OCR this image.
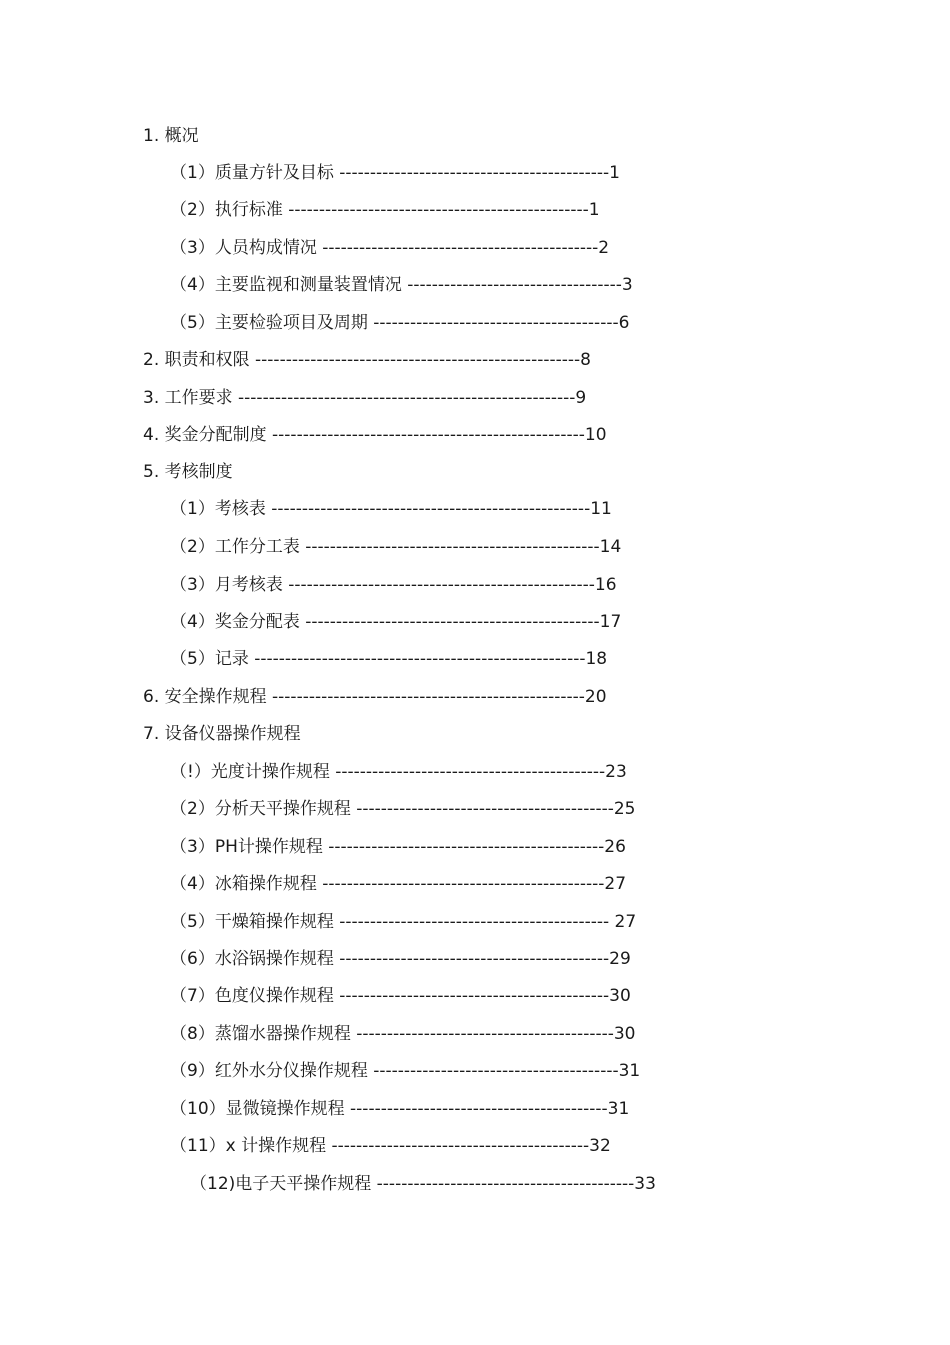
1. 概况
（1）质量方针及目标 --------------------------------------------1
（2）执行标准 -------------------------------------------------1
（3）人员构成情况 ---------------------------------------------2
（4）主要监视和测量装置情况 -----------------------------------3
（5）主要检验项目及周期 ----------------------------------------6
2. 职责和权限 -----------------------------------------------------8
3. 工作要求 -------------------------------------------------------9
4. 奖金分配制度 ---------------------------------------------------10
5. 考核制度
（1）考核表 ----------------------------------------------------11
（2）工作分工表 ------------------------------------------------14
（3）月考核表 --------------------------------------------------16
（4）奖金分配表 ------------------------------------------------17
（5）记录 ------------------------------------------------------18
6. 安全操作规程 ---------------------------------------------------20
7. 设备仪器操作规程
（!）光度计操作规程 --------------------------------------------23
（2）分析天平操作规程 ------------------------------------------25
（3）PH计操作规程 ---------------------------------------------26
（4）冰箱操作规程 ----------------------------------------------27
（5）干燥箱操作规程 -------------------------------------------- 27
（6）水浴锅操作规程 --------------------------------------------29
（7）色度仪操作规程 --------------------------------------------30
（8）蒸馏水器操作规程 ------------------------------------------30
（9）红外水分仪操作规程 ----------------------------------------31
（10）显微镜操作规程 ------------------------------------------31
（11）x 计操作规程 ------------------------------------------32
（12)电子天平操作规程 ------------------------------------------33
